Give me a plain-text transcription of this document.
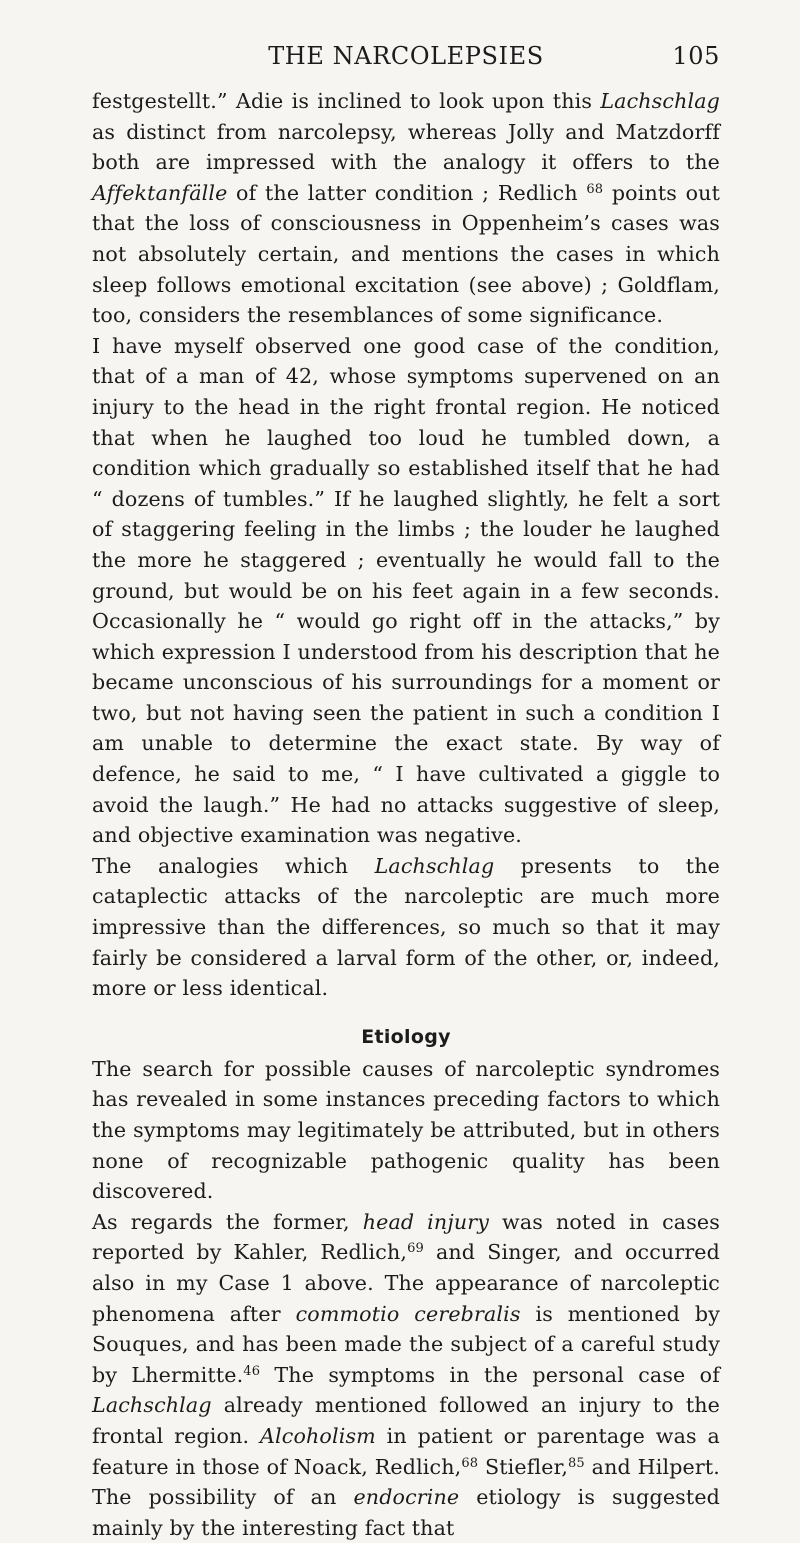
THE NARCOLEPSIES	105

festgestellt.” Adie is inclined to look upon this Lachschlag as distinct from narcolepsy, whereas Jolly and Matzdorff both are impressed with the analogy it offers to the Affektanfälle of the latter condition ; Redlich $^{68}$ points out that the loss of consciousness in Oppenheim’s cases was not absolutely certain, and mentions the cases in which sleep follows emotional excitation (see above) ; Goldflam, too, considers the resemblances of some significance.

I have myself observed one good case of the condition, that of a man of 42, whose symptoms supervened on an injury to the head in the right frontal region. He noticed that when he laughed too loud he tumbled down, a condition which gradually so established itself that he had “ dozens of tumbles.” If he laughed slightly, he felt a sort of staggering feeling in the limbs ; the louder he laughed the more he staggered ; eventually he would fall to the ground, but would be on his feet again in a few seconds. Occasionally he “ would go right off in the attacks,” by which expression I understood from his description that he became unconscious of his surroundings for a moment or two, but not having seen the patient in such a condition I am unable to determine the exact state. By way of defence, he said to me, “ I have cultivated a giggle to avoid the laugh.” He had no attacks suggestive of sleep, and objective examination was negative.

The analogies which Lachschlag presents to the cataplectic attacks of the narcoleptic are much more impressive than the differences, so much so that it may fairly be considered a larval form of the other, or, indeed, more or less identical.

Etiology

The search for possible causes of narcoleptic syndromes has revealed in some instances preceding factors to which the symptoms may legitimately be attributed, but in others none of recognizable pathogenic quality has been discovered.

As regards the former, head injury was noted in cases reported by Kahler, Redlich,$^{69}$ and Singer, and occurred also in my Case 1 above. The appearance of narcoleptic phenomena after commotio cerebralis is mentioned by Souques, and has been made the subject of a careful study by Lhermitte.$^{46}$ The symptoms in the personal case of Lachschlag already mentioned followed an injury to the frontal region. Alcoholism in patient or parentage was a feature in those of Noack, Redlich,$^{68}$ Stiefler,$^{85}$ and Hilpert. The possibility of an endocrine etiology is suggested mainly by the interesting fact that
